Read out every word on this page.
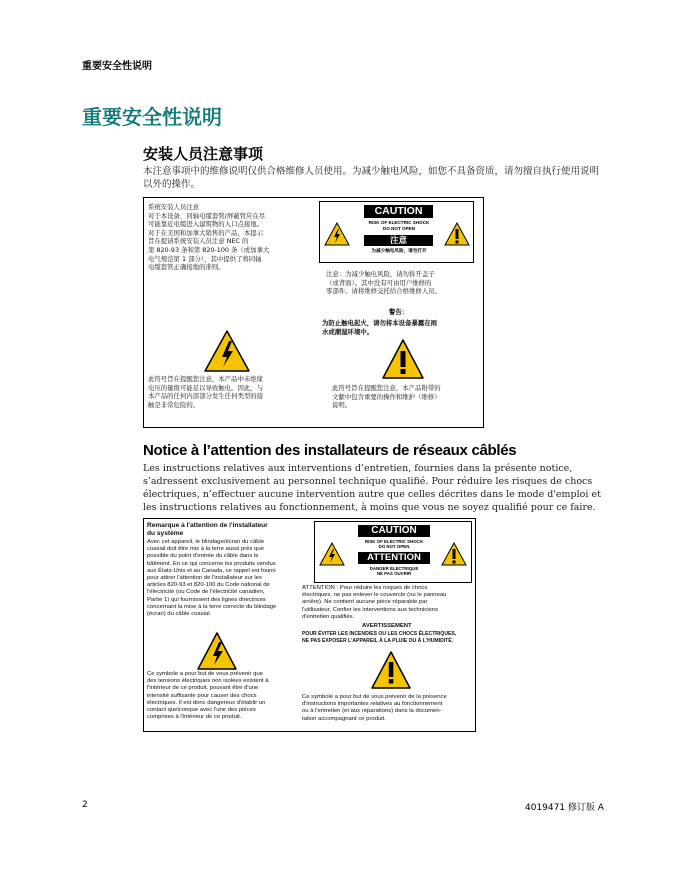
重要安全性说明
重要安全性说明
安装人员注意事项
本注意事项中的维修说明仅供合格维修人员使用。为减少触电风险，如您不具备资质，请勿擅自执行使用说明以外的操作。
系统安装人员注意
对于本设备，同轴电缆套管/屏蔽管应在尽
可能靠近电缆进入建筑物的入口点接地。
对于在美国和加拿大销售的产品，本提示
旨在提请系统安装人员注意 NEC 的
第 820-93 条和第 820-100 条（或加拿大
电气规范第 1 部分），其中提供了将同轴
电缆套管正确接地的准则。
CAUTION
RISK OF ELECTRIC SHOCK
DO NOT OPEN
注意
为减少触电风险，请勿打开
注意：为减少触电风险，请勿拆开盖子
（或背面）。其中没有可由用户维修的
零部件。请将维修交托给合格维修人员。
警告：
为防止触电起火，请勿将本设备暴露在雨
水或潮湿环境中。
此符号旨在提醒您注意，本产品中未绝缘
电压的量级可能足以导致触电。因此，与
本产品的任何内部部分发生任何类型的接
触是非常危险的。
此符号旨在提醒您注意，本产品附带的
文献中包含重要的操作和维护（维修）
说明。
Notice à l’attention des installateurs de réseaux câblés
Les instructions relatives aux interventions d’entretien, fournies dans la présente notice, s’adressent exclusivement au personnel technique qualifié. Pour réduire les risques de chocs électriques, n’effectuer aucune intervention autre que celles décrites dans le mode d'emploi et les instructions relatives au fonctionnement, à moins que vous ne soyez qualifié pour ce faire.
Remarque à l'attention de l'installateur
du système
Avec cet appareil, le blindage/écran du câble
coaxial doit être mis à la terre aussi près que
possible du point d'entrée du câble dans le
bâtiment. En ce qui concerne les produits vendus
aux États-Unis et au Canada, ce rappel est fourni
pour attirer l'attention de l'installateur sur les
articles 820-93 et 820-100 du Code national de
l'électricité (ou Code de l'électricité canadien,
Partie 1) qui fournissent des lignes directrices
concernant la mise à la terre correcte du blindage
(écran) du câble coaxial.
CAUTION
RISK OF ELECTRIC SHOCK
DO NOT OPEN
ATTENTION
DANGER ÉLECTRIQUE
NE PAS OUVRIR
ATTENTION : Pour réduire les risques de chocs
électriques, ne pas enlever le couvercle (ou le panneau
arrière). Ne contient aucune pièce réparable par
l'utilisateur. Confier les interventions aux techniciens
d'entretien qualifiés.
AVERTISSEMENT
POUR ÉVITER LES INCENDIES OU LES CHOCS ÉLECTRIQUES,
NE PAS EXPOSER L'APPAREIL À LA PLUIE OU À L'HUMIDITÉ.
Ce symbole a pour but de vous prévenir que
des tensions électriques non isolées existent à
l'intérieur de ce produit, pouvant être d'une
intensité suffisante pour causer des chocs
électriques. Il est donc dangereux d'établir un
contact quelconque avec l'une des pièces
comprises à l'intérieur de ce produit.
Ce symbole a pour but de vous prévenir de la présence
d'instructions importantes relatives au fonctionnement
ou à l'entretien (et aux réparations) dans la documen-
tation accompagnant ce produit.
2	4019471 修订版 A
